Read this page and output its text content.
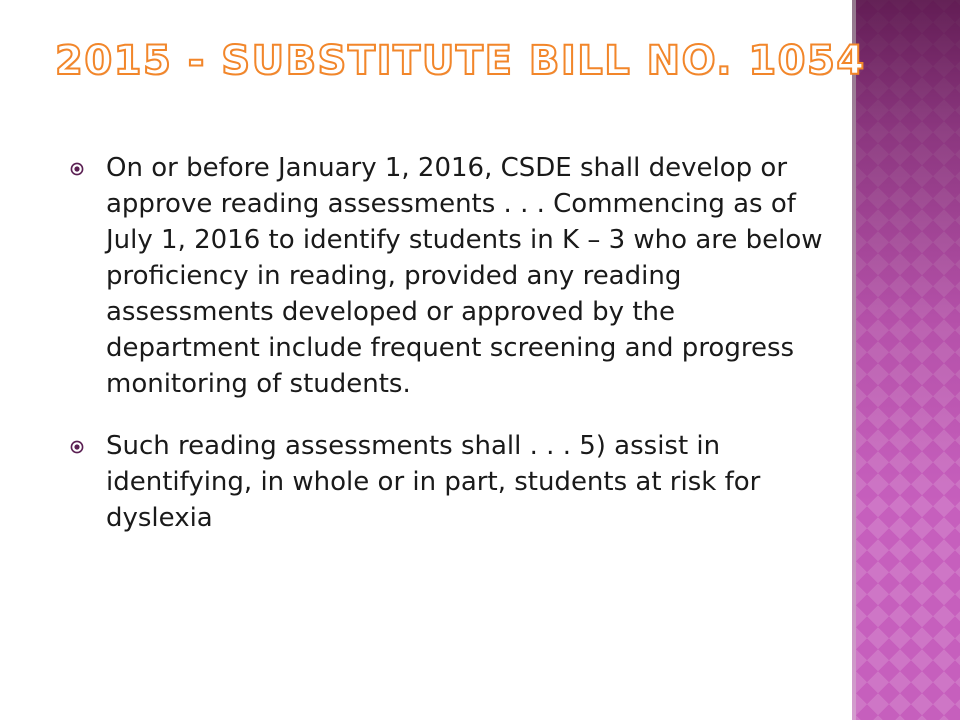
2015 - SUBSTITUTE BILL NO. 1054
On or before January 1, 2016, CSDE shall develop or approve reading assessments . . . Commencing as of July 1, 2016 to identify students in K – 3 who are below proficiency in reading, provided any reading assessments developed or approved by the department include frequent screening and progress monitoring of students.
Such reading assessments shall . . . 5) assist in identifying, in whole or in part, students at risk for dyslexia
